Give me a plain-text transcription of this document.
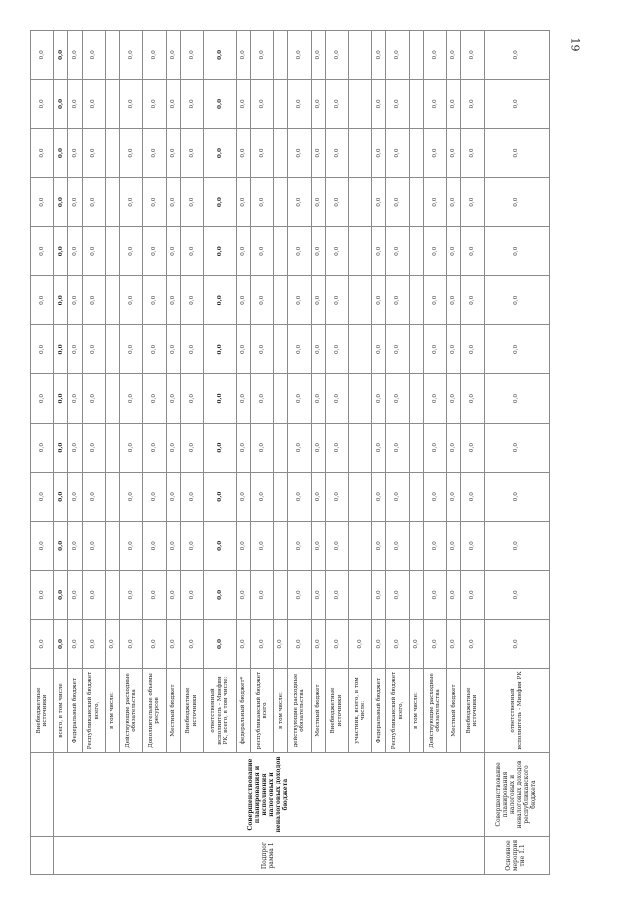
19
		Внебюджетные источники	0,0	0,0	0,0	0,0	0,0	0,0	0,0	0,0	0,0	0,0	0,0	0,0	0,0
Подпрог рамма 1	Совершенствование планирования и исполнения налоговых и неналоговых доходов бюджета	всего, в том числе	0,0	0,0	0,0	0,0	0,0	0,0	0,0	0,0	0,0	0,0	0,0	0,0	0,0
		Федеральный бюджет	0,0	0,0	0,0	0,0	0,0	0,0	0,0	0,0	0,0	0,0	0,0	0,0	0,0
		Республиканский бюджет всего,	0,0	0,0	0,0	0,0	0,0	0,0	0,0	0,0	0,0	0,0	0,0	0,0	0,0
		в том числе:	0,0												
		Действующие расходные обязательства	0,0	0,0	0,0	0,0	0,0	0,0	0,0	0,0	0,0	0,0	0,0	0,0	0,0
		Дополнительные объемы ресурсов	0,0	0,0	0,0	0,0	0,0	0,0	0,0	0,0	0,0	0,0	0,0	0,0	0,0
		Местный бюджет	0,0	0,0	0,0	0,0	0,0	0,0	0,0	0,0	0,0	0,0	0,0	0,0	0,0
		Внебюджетные источники	0,0	0,0	0,0	0,0	0,0	0,0	0,0	0,0	0,0	0,0	0,0	0,0	0,0
		ответственный исполнитель - Минфин РК, всего, в том числе:	0,0	0,0	0,0	0,0	0,0	0,0	0,0	0,0	0,0	0,0	0,0	0,0	0,0
		федеральный бюджет*	0,0	0,0	0,0	0,0	0,0	0,0	0,0	0,0	0,0	0,0	0,0	0,0	0,0
		республиканский бюджет всего	0,0	0,0	0,0	0,0	0,0	0,0	0,0	0,0	0,0	0,0	0,0	0,0	0,0
		в том числе:	0,0												
		действующие расходные обязательства	0,0	0,0	0,0	0,0	0,0	0,0	0,0	0,0	0,0	0,0	0,0	0,0	0,0
		Местный бюджет	0,0	0,0	0,0	0,0	0,0	0,0	0,0	0,0	0,0	0,0	0,0	0,0	0,0
		Внебюджетные источники	0,0	0,0	0,0	0,0	0,0	0,0	0,0	0,0	0,0	0,0	0,0	0,0	0,0
		участник, всего, в том числе:	0,0												
		Федеральный бюджет	0,0	0,0	0,0	0,0	0,0	0,0	0,0	0,0	0,0	0,0	0,0	0,0	0,0
		Республиканский бюджет всего,	0,0	0,0	0,0	0,0	0,0	0,0	0,0	0,0	0,0	0,0	0,0	0,0	0,0
		в том числе:	0,0												
		Действующие расходные обязательства	0,0	0,0	0,0	0,0	0,0	0,0	0,0	0,0	0,0	0,0	0,0	0,0	0,0
		Местный бюджет	0,0	0,0	0,0	0,0	0,0	0,0	0,0	0,0	0,0	0,0	0,0	0,0	0,0
		Внебюджетные источники	0,0	0,0	0,0	0,0	0,0	0,0	0,0	0,0	0,0	0,0	0,0	0,0	0,0
Основное мероприя тие 1.1	Совершенствование планирования налоговых и неналоговых доходов республиканского бюджета	ответственный исполнитель - Минфин РК	0,0	0,0	0,0	0,0	0,0	0,0	0,0	0,0	0,0	0,0	0,0	0,0	0,0
